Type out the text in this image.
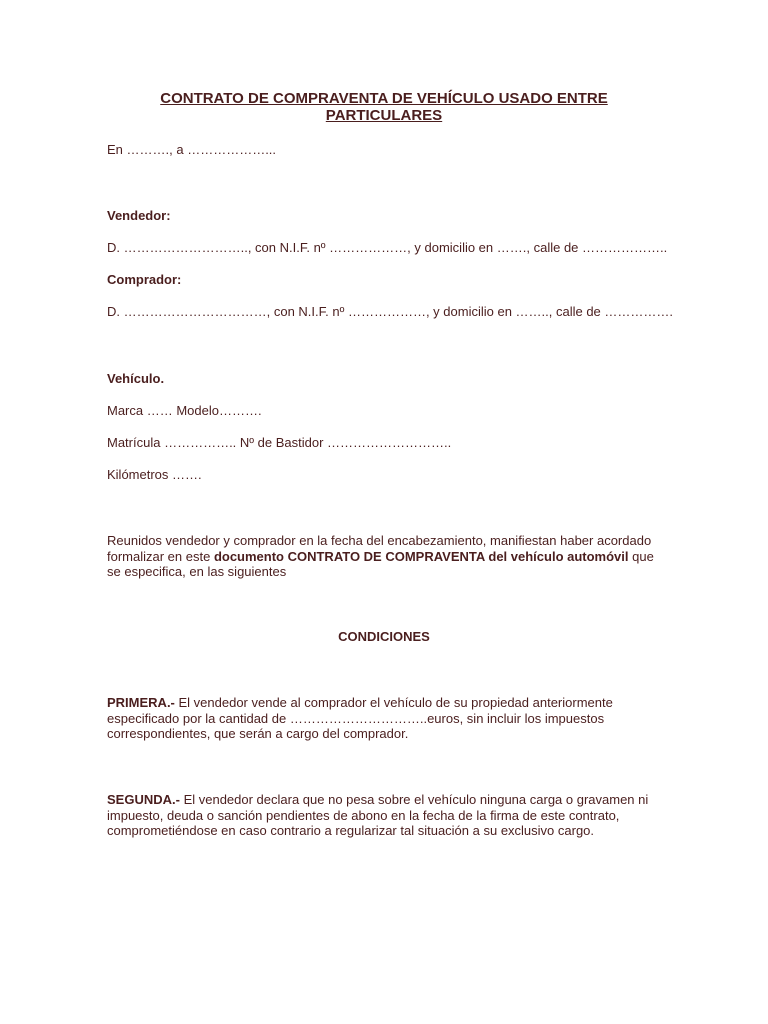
CONTRATO DE COMPRAVENTA DE VEHÍCULO USADO ENTRE
PARTICULARES
En ………., a ………………...
Vendedor:
D. ……………………….., con N.I.F. nº ………………, y domicilio en ……., calle de ………………..
Comprador:
D. ……………………………, con N.I.F. nº ………………, y domicilio en …….., calle de …………….
Vehículo.
Marca …… Modelo……….
Matrícula …………….. Nº de Bastidor ………………………..
Kilómetros …….
Reunidos vendedor y comprador en la fecha del encabezamiento, manifiestan haber acordado formalizar en este documento CONTRATO DE COMPRAVENTA del vehículo automóvil que se especifica, en las siguientes
CONDICIONES
PRIMERA.- El vendedor vende al comprador el vehículo de su propiedad anteriormente especificado por la cantidad de …………………………..euros, sin incluir los impuestos correspondientes, que serán a cargo del comprador.
SEGUNDA.- El vendedor declara que no pesa sobre el vehículo ninguna carga o gravamen ni impuesto, deuda o sanción pendientes de abono en la fecha de la firma de este contrato, comprometiéndose en caso contrario a regularizar tal situación a su exclusivo cargo.
